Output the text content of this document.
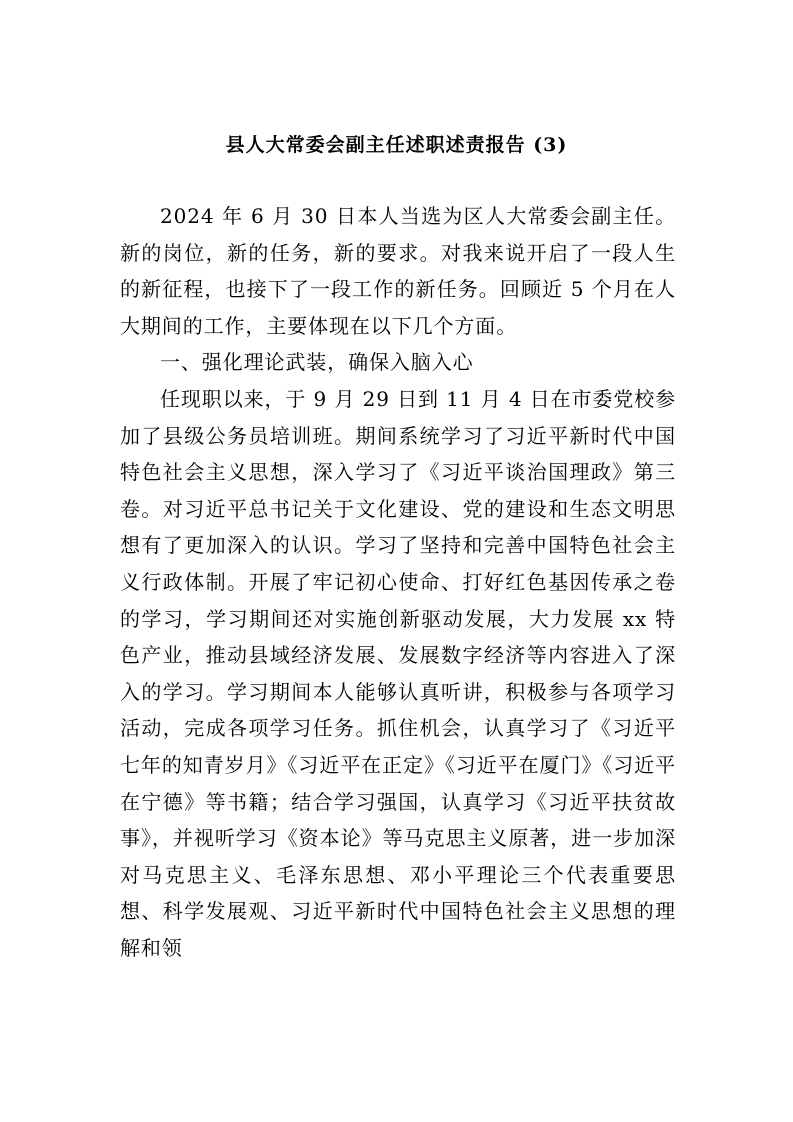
县人大常委会副主任述职述责报告 (3)

2024 年 6 月 30 日本人当选为区人大常委会副主任。新的岗位，新的任务，新的要求。对我来说开启了一段人生的新征程，也接下了一段工作的新任务。回顾近 5 个月在人大期间的工作，主要体现在以下几个方面。

一、强化理论武装，确保入脑入心

任现职以来，于 9 月 29 日到 11 月 4 日在市委党校参加了县级公务员培训班。期间系统学习了习近平新时代中国特色社会主义思想，深入学习了《习近平谈治国理政》第三卷。对习近平总书记关于文化建设、党的建设和生态文明思想有了更加深入的认识。学习了坚持和完善中国特色社会主义行政体制。开展了牢记初心使命、打好红色基因传承之卷的学习，学习期间还对实施创新驱动发展，大力发展 xx 特色产业，推动县域经济发展、发展数字经济等内容进入了深入的学习。学习期间本人能够认真听讲，积极参与各项学习活动，完成各项学习任务。抓住机会，认真学习了《习近平七年的知青岁月》《习近平在正定》《习近平在厦门》《习近平在宁德》等书籍；结合学习强国，认真学习《习近平扶贫故事》，并视听学习《资本论》等马克思主义原著，进一步加深对马克思主义、毛泽东思想、邓小平理论三个代表重要思想、科学发展观、习近平新时代中国特色社会主义思想的理解和领
